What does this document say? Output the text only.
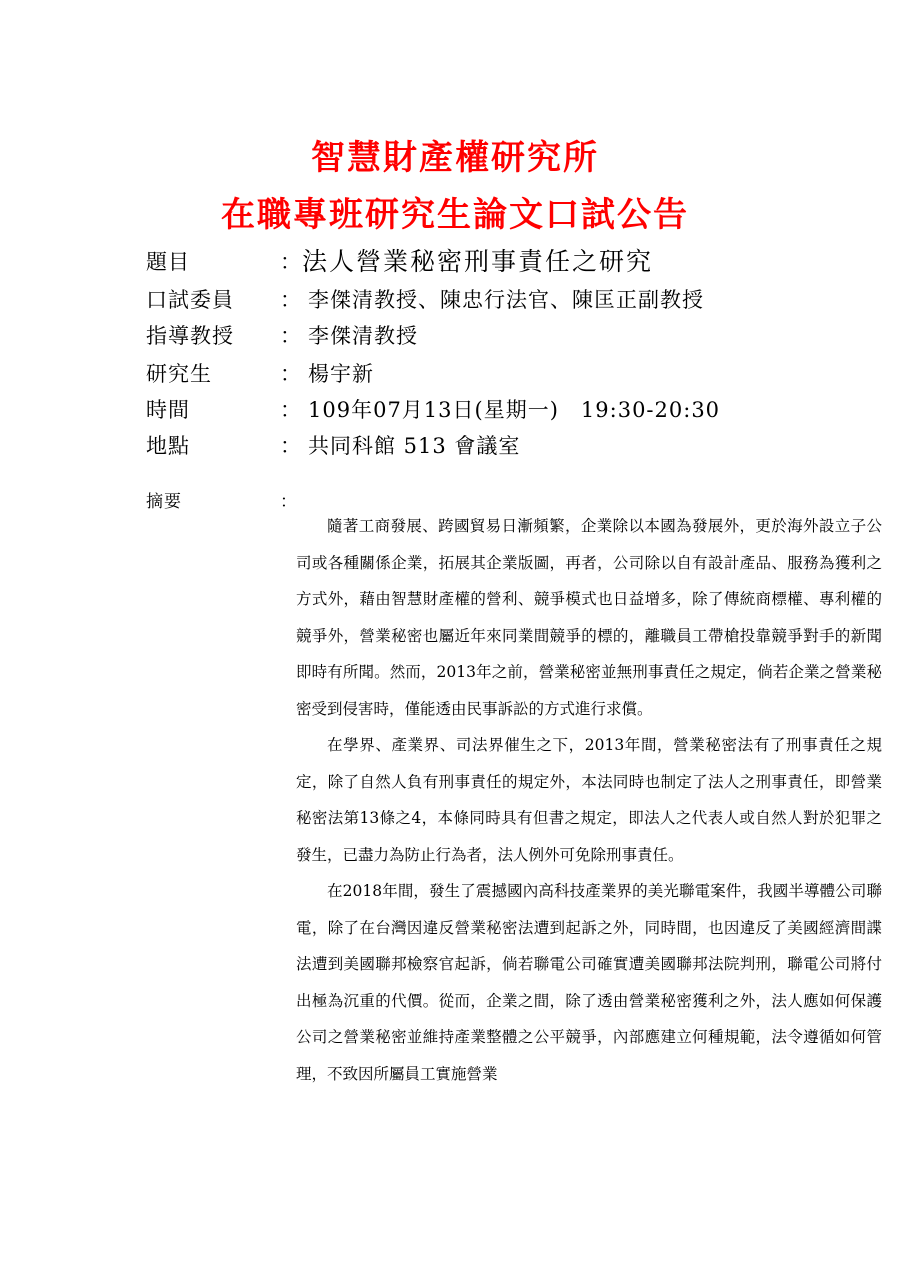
智慧財產權研究所
在職專班研究生論文口試公告
題目	： 法人營業秘密刑事責任之研究
口試委員 ： 李傑清教授、陳忠行法官、陳匡正副教授
指導教授 ： 李傑清教授
研究生	： 楊宇新
時間	： 109年07月13日(星期一)　19:30-20:30
地點	： 共同科館 513 會議室
摘要	：

隨著工商發展、跨國貿易日漸頻繁，企業除以本國為發展外，更於海外設立子公司或各種關係企業，拓展其企業版圖，再者，公司除以自有設計產品、服務為獲利之方式外，藉由智慧財產權的營利、競爭模式也日益增多，除了傳統商標權、專利權的競爭外，營業秘密也屬近年來同業間競爭的標的，離職員工帶槍投靠競爭對手的新聞即時有所聞。然而，2013年之前，營業秘密並無刑事責任之規定，倘若企業之營業秘密受到侵害時，僅能透由民事訴訟的方式進行求償。

在學界、產業界、司法界催生之下，2013年間，營業秘密法有了刑事責任之規定，除了自然人負有刑事責任的規定外，本法同時也制定了法人之刑事責任，即營業秘密法第13條之4，本條同時具有但書之規定，即法人之代表人或自然人對於犯罪之發生，已盡力為防止行為者，法人例外可免除刑事責任。

在2018年間，發生了震撼國內高科技產業界的美光聯電案件，我國半導體公司聯電，除了在台灣因違反營業秘密法遭到起訴之外，同時間，也因違反了美國經濟間諜法遭到美國聯邦檢察官起訴，倘若聯電公司確實遭美國聯邦法院判刑，聯電公司將付出極為沉重的代價。從而，企業之間，除了透由營業秘密獲利之外，法人應如何保護公司之營業秘密並維持產業整體之公平競爭，內部應建立何種規範，法令遵循如何管理，不致因所屬員工實施營業
